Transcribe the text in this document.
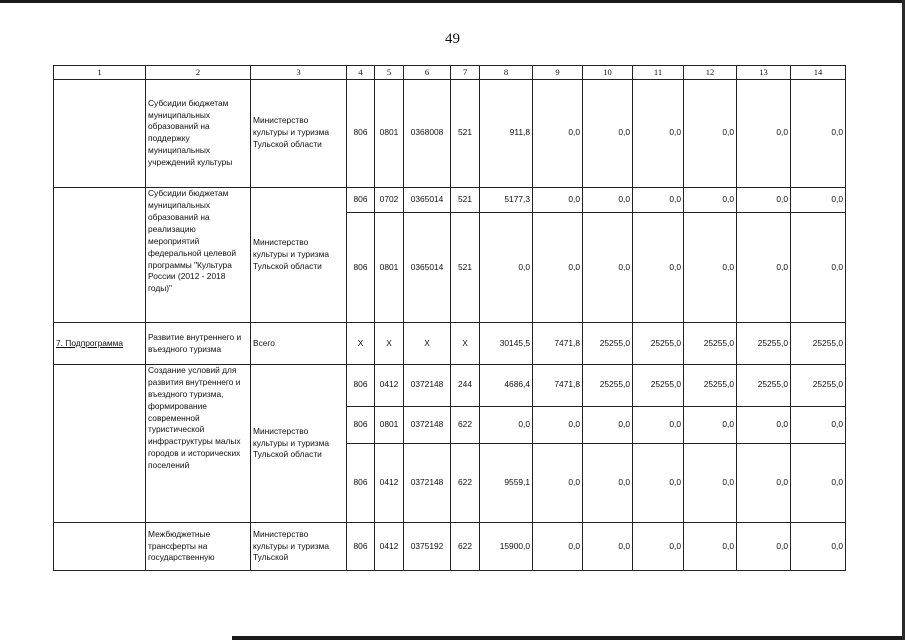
49
1	2	3	4	5	6	7	8	9	10	11	12	13	14
	Субсидии бюджетам муниципальных образований на поддержку муниципальных учреждений культуры	Министерство культуры и туризма Тульской области	806	0801	0368008	521	911,8	0,0	0,0	0,0	0,0	0,0	0,0
	Субсидии бюджетам муниципальных образований на реализацию мероприятий федеральной целевой программы "Культура России (2012 - 2018 годы)"	Министерство культуры и туризма Тульской области	806	0702	0365014	521	5177,3	0,0	0,0	0,0	0,0	0,0	0,0
			806	0801	0365014	521	0,0	0,0	0,0	0,0	0,0	0,0	0,0
7. Подпрограмма	Развитие внутреннего и въездного туризма	Всего	X	X	X	X	30145,5	7471,8	25255,0	25255,0	25255,0	25255,0	25255,0
	Создание условий для развития внутреннего и въездного туризма, формирование современной туристической инфраструктуры малых городов и исторических поселений	Министерство культуры и туризма Тульской области	806	0412	0372148	244	4686,4	7471,8	25255,0	25255,0	25255,0	25255,0	25255,0
			806	0801	0372148	622	0,0	0,0	0,0	0,0	0,0	0,0	0,0
			806	0412	0372148	622	9559,1	0,0	0,0	0,0	0,0	0,0	0,0
	Межбюджетные трансферты на государственную	Министерство культуры и туризма Тульской	806	0412	0375192	622	15900,0	0,0	0,0	0,0	0,0	0,0	0,0
